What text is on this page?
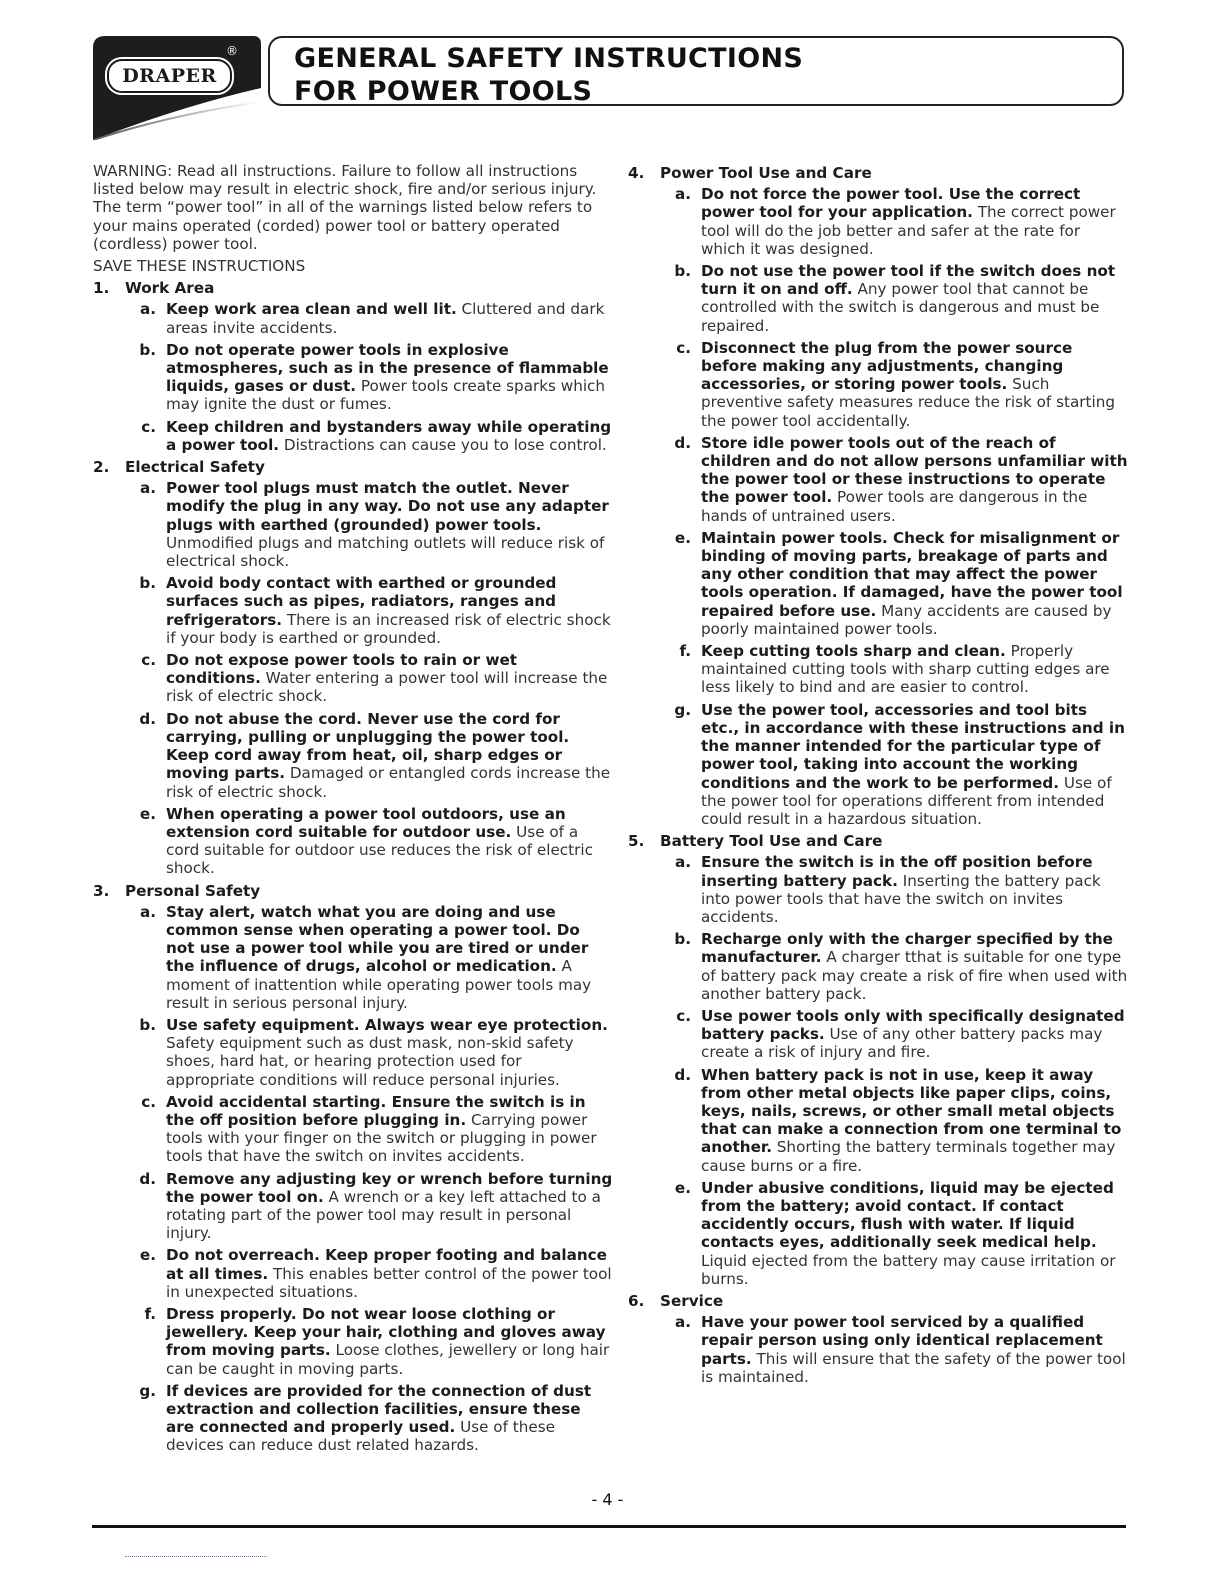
DRAPER
® GENERAL SAFETY INSTRUCTIONS
FOR POWER TOOLS

WARNING: Read all instructions. Failure to follow all instructions listed below may result in electric shock, fire and/or serious injury. The term “power tool” in all of the warnings listed below refers to your mains operated (corded) power tool or battery operated (cordless) power tool.

SAVE THESE INSTRUCTIONS

1.	Work Area
a. Keep work area clean and well lit. Cluttered and dark areas invite accidents.
b. Do not operate power tools in explosive atmospheres, such as in the presence of flammable liquids, gases or dust. Power tools create sparks which may ignite the dust or fumes.
c. Keep children and bystanders away while operating a power tool. Distractions can cause you to lose control.
2.	Electrical Safety
a. Power tool plugs must match the outlet. Never modify the plug in any way. Do not use any adapter plugs with earthed (grounded) power tools. Unmodified plugs and matching outlets will reduce risk of electrical shock.
b. Avoid body contact with earthed or grounded surfaces such as pipes, radiators, ranges and refrigerators. There is an increased risk of electric shock if your body is earthed or grounded.
c. Do not expose power tools to rain or wet conditions. Water entering a power tool will increase the risk of electric shock.
d. Do not abuse the cord. Never use the cord for carrying, pulling or unplugging the power tool. Keep cord away from heat, oil, sharp edges or moving parts. Damaged or entangled cords increase the risk of electric shock.
e. When operating a power tool outdoors, use an extension cord suitable for outdoor use. Use of a cord suitable for outdoor use reduces the risk of electric shock.
3.	Personal Safety
a. Stay alert, watch what you are doing and use common sense when operating a power tool. Do not use a power tool while you are tired or under the influence of drugs, alcohol or medication. A moment of inattention while operating power tools may result in serious personal injury.
b. Use safety equipment. Always wear eye protection. Safety equipment such as dust mask, non-skid safety shoes, hard hat, or hearing protection used for appropriate conditions will reduce personal injuries.
c. Avoid accidental starting. Ensure the switch is in the off position before plugging in. Carrying power tools with your finger on the switch or plugging in power tools that have the switch on invites accidents.
d. Remove any adjusting key or wrench before turning the power tool on. A wrench or a key left attached to a rotating part of the power tool may result in personal injury.
e. Do not overreach. Keep proper footing and balance at all times. This enables better control of the power tool in unexpected situations.
f. Dress properly. Do not wear loose clothing or jewellery. Keep your hair, clothing and gloves away from moving parts. Loose clothes, jewellery or long hair can be caught in moving parts.
g. If devices are provided for the connection of dust extraction and collection facilities, ensure these are connected and properly used. Use of these devices can reduce dust related hazards.
4.	Power Tool Use and Care
a. Do not force the power tool. Use the correct power tool for your application. The correct power tool will do the job better and safer at the rate for which it was designed.
b. Do not use the power tool if the switch does not turn it on and off. Any power tool that cannot be controlled with the switch is dangerous and must be repaired.
c. Disconnect the plug from the power source before making any adjustments, changing accessories, or storing power tools. Such preventive safety measures reduce the risk of starting the power tool accidentally.
d. Store idle power tools out of the reach of children and do not allow persons unfamiliar with the power tool or these instructions to operate the power tool. Power tools are dangerous in the hands of untrained users.
e. Maintain power tools. Check for misalignment or binding of moving parts, breakage of parts and any other condition that may affect the power tools operation. If damaged, have the power tool repaired before use. Many accidents are caused by poorly maintained power tools.
f. Keep cutting tools sharp and clean. Properly maintained cutting tools with sharp cutting edges are less likely to bind and are easier to control.
g. Use the power tool, accessories and tool bits etc., in accordance with these instructions and in the manner intended for the particular type of power tool, taking into account the working conditions and the work to be performed. Use of the power tool for operations different from intended could result in a hazardous situation.
5.	Battery Tool Use and Care
a. Ensure the switch is in the off position before inserting battery pack. Inserting the battery pack into power tools that have the switch on invites accidents.
b. Recharge only with the charger specified by the manufacturer. A charger tthat is suitable for one type of battery pack may create a risk of fire when used with another battery pack.
c. Use power tools only with specifically designated battery packs. Use of any other battery packs may create a risk of injury and fire.
d. When battery pack is not in use, keep it away from other metal objects like paper clips, coins, keys, nails, screws, or other small metal objects that can make a connection from one terminal to another. Shorting the battery terminals together may cause burns or a fire.
e. Under abusive conditions, liquid may be ejected from the battery; avoid contact. If contact accidently occurs, flush with water. If liquid contacts eyes, additionally seek medical help. Liquid ejected from the battery may cause irritation or burns.
6.	Service
a. Have your power tool serviced by a qualified repair person using only identical replacement parts. This will ensure that the safety of the power tool is maintained.
- 4 -
